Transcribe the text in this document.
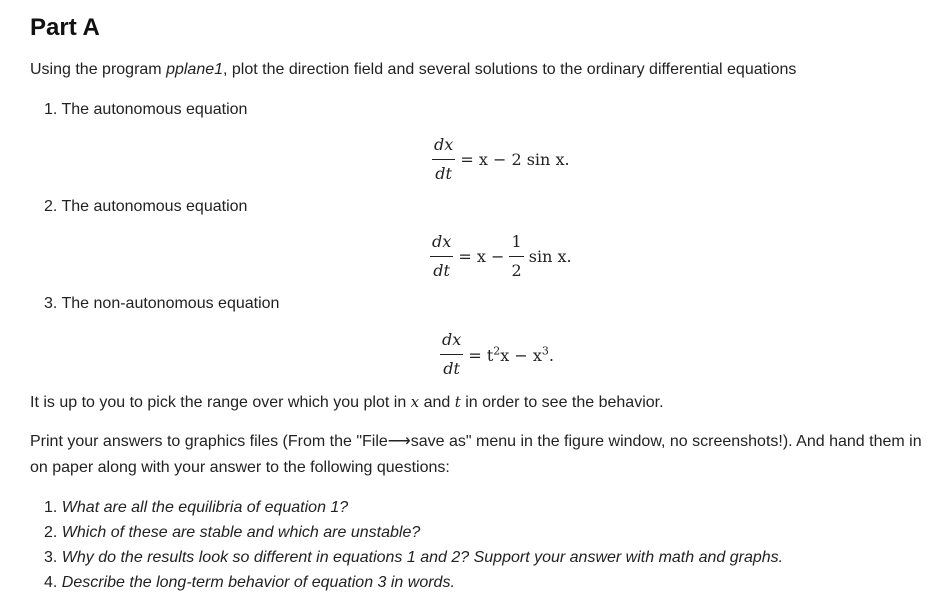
Part A
Using the program pplane1, plot the direction field and several solutions to the ordinary differential equations
1. The autonomous equation
$\frac{dx}{dt} = x - 2$ sin x.
2. The autonomous equation
$\frac{dx}{dt} = x - \frac{1}{2}$ sin x.
3. The non-autonomous equation
$\frac{dx}{dt} = t^2x - x^3$.
It is up to you to pick the range over which you plot in x and t in order to see the behavior.
Print your answers to graphics files (From the "File⟶save as" menu in the figure window, no screenshots!). And hand them in on paper along with your answer to the following questions:
1. What are all the equilibria of equation 1?
2. Which of these are stable and which are unstable?
3. Why do the results look so different in equations 1 and 2? Support your answer with math and graphs.
4. Describe the long-term behavior of equation 3 in words.
